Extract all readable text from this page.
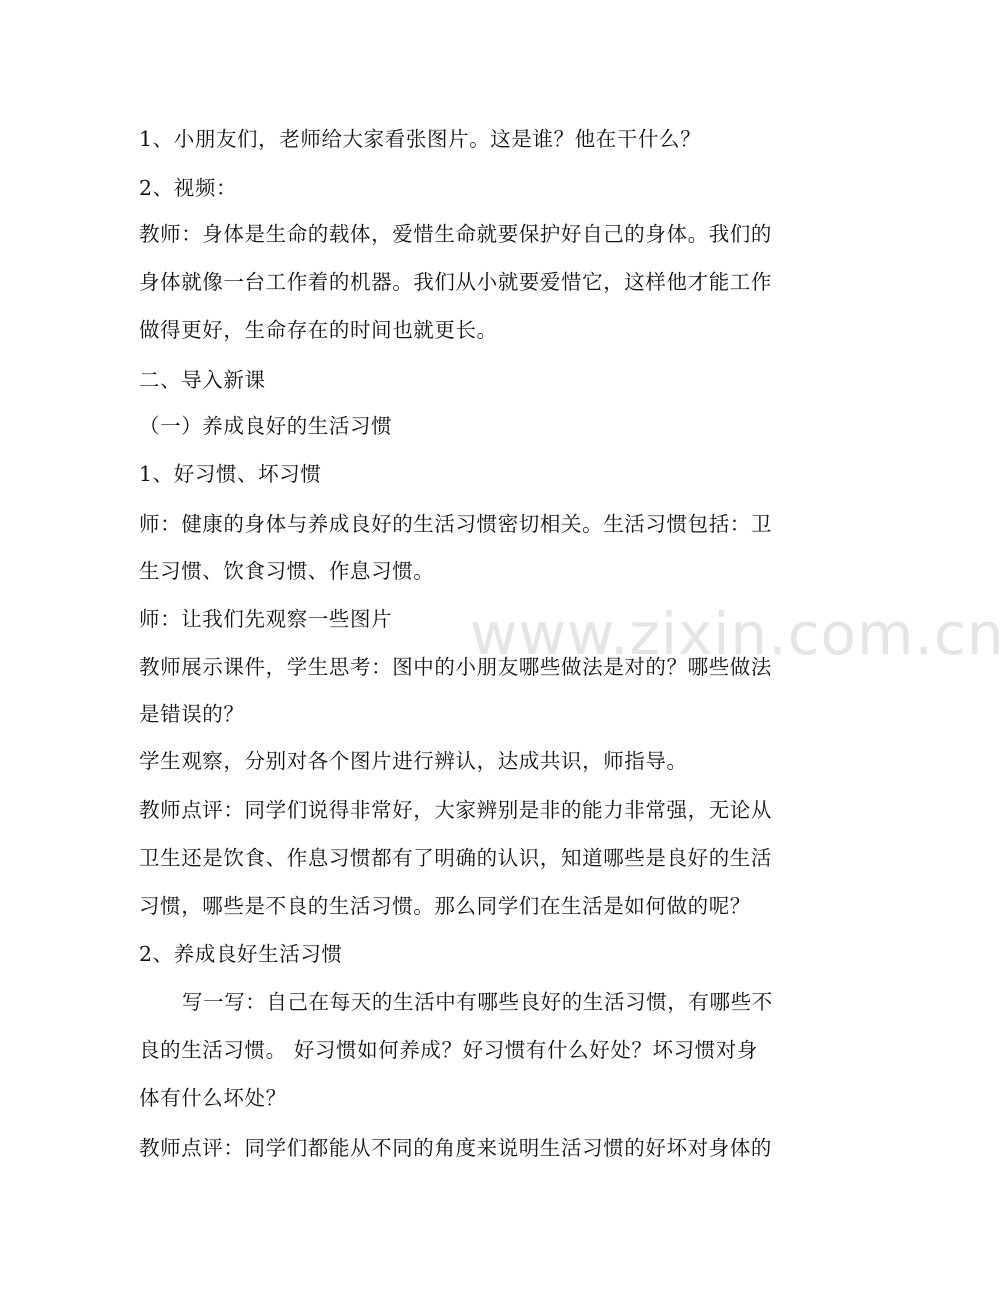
1、小朋友们，老师给大家看张图片。这是谁？他在干什么？
2、视频：
教师：身体是生命的载体，爱惜生命就要保护好自己的身体。我们的
身体就像一台工作着的机器。我们从小就要爱惜它，这样他才能工作
做得更好，生命存在的时间也就更长。
二、导入新课
（一）养成良好的生活习惯
1、好习惯、坏习惯
师：健康的身体与养成良好的生活习惯密切相关。生活习惯包括：卫
生习惯、饮食习惯、作息习惯。
师：让我们先观察一些图片
教师展示课件，学生思考：图中的小朋友哪些做法是对的？哪些做法
是错误的？
学生观察，分别对各个图片进行辨认，达成共识，师指导。
教师点评：同学们说得非常好，大家辨别是非的能力非常强，无论从
卫生还是饮食、作息习惯都有了明确的认识，知道哪些是良好的生活
习惯，哪些是不良的生活习惯。那么同学们在生活是如何做的呢？
2、养成良好生活习惯
写一写：自己在每天的生活中有哪些良好的生活习惯，有哪些不
良的生活习惯。 好习惯如何养成？好习惯有什么好处？坏习惯对身
体有什么坏处？
教师点评：同学们都能从不同的角度来说明生活习惯的好坏对身体的
www.zixin.com.cn
